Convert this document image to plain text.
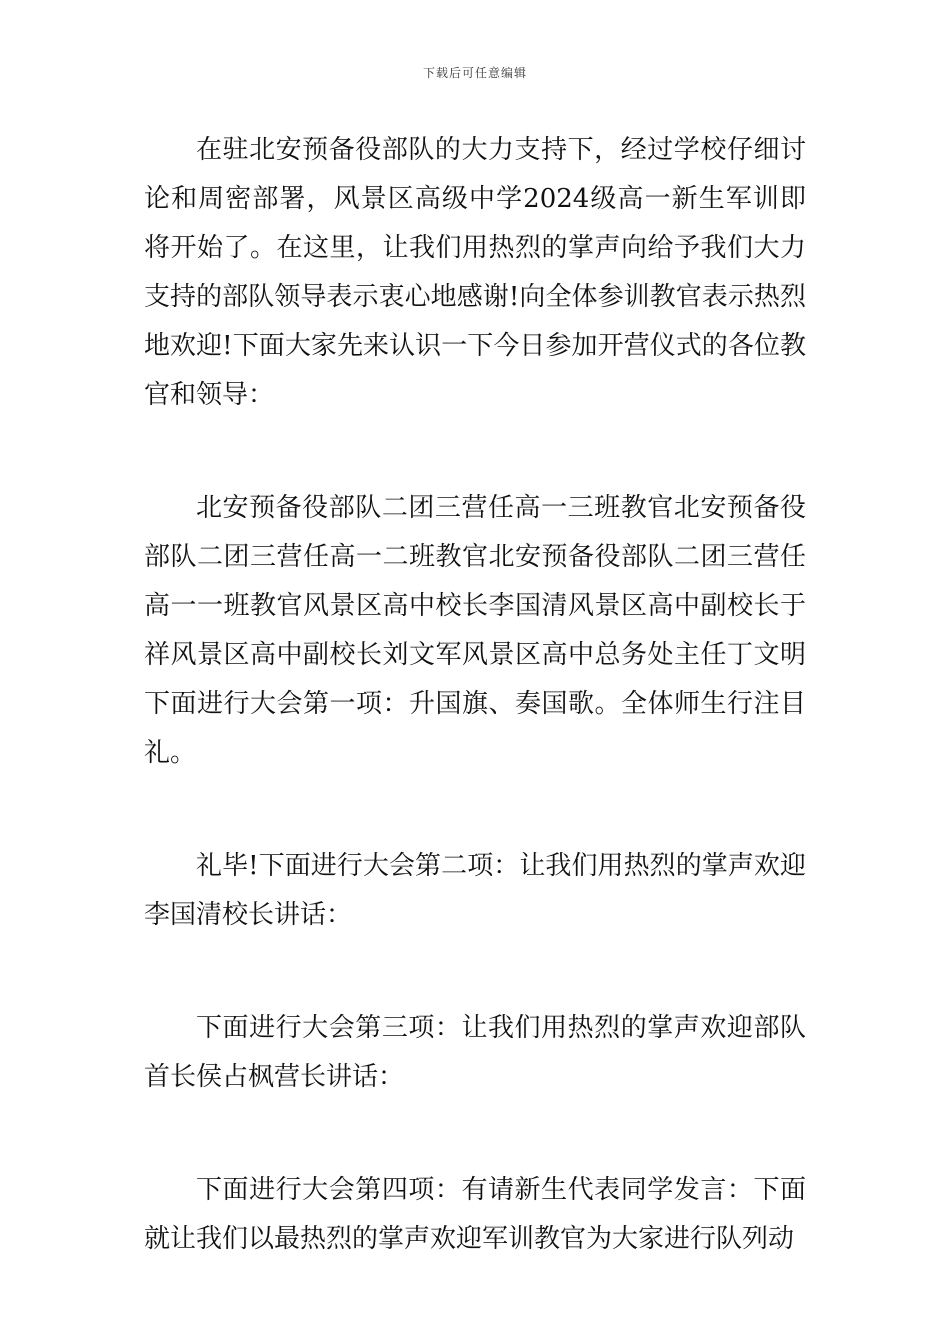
下载后可任意编辑

在驻北安预备役部队的大力支持下，经过学校仔细讨论和周密部署，风景区高级中学2024级高一新生军训即将开始了。在这里，让我们用热烈的掌声向给予我们大力支持的部队领导表示衷心地感谢!向全体参训教官表示热烈地欢迎!下面大家先来认识一下今日参加开营仪式的各位教官和领导：

北安预备役部队二团三营任高一三班教官北安预备役部队二团三营任高一二班教官北安预备役部队二团三营任高一一班教官风景区高中校长李国清风景区高中副校长于祥风景区高中副校长刘文军风景区高中总务处主任丁文明下面进行大会第一项：升国旗、奏国歌。全体师生行注目礼。

礼毕!下面进行大会第二项：让我们用热烈的掌声欢迎李国清校长讲话：

下面进行大会第三项：让我们用热烈的掌声欢迎部队首长侯占枫营长讲话：

下面进行大会第四项：有请新生代表同学发言：下面就让我们以最热烈的掌声欢迎军训教官为大家进行队列动
